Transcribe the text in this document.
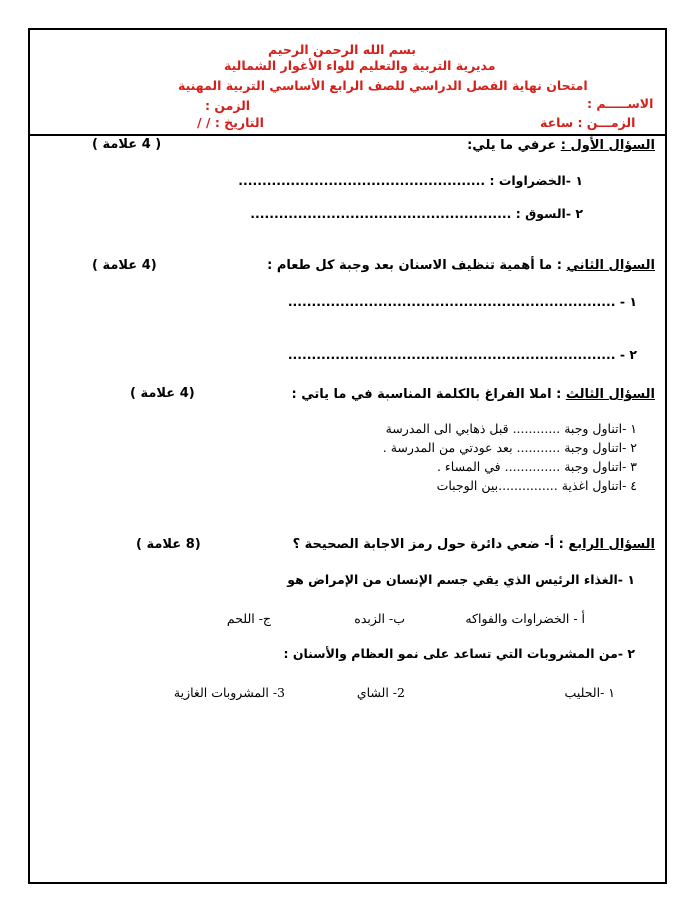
بسم الله الرحمن الرحيم
مديرية التربية والتعليم للواء الأغوار الشمالية
امتحان نهاية الفصل الدراسي للصف الرابع الأساسي التربية المهنية
الاســـــم :
الزمن :
الزمـــن : ساعة
التاريخ : / /
السؤال الأول : عرفي ما يلي:
( 4 علامة )
١ -الخضراوات : ....................................................
٢ -السوق : .......................................................
السؤال الثاني : ما أهمية تنظيف الاسنان بعد وجبة كل طعام :
(4 علامة )
١ - .....................................................................
٢ - .....................................................................
السؤال الثالث : املا الفراغ بالكلمة المناسبة في ما ياتي :
(4 علامة )
١ -اتناول وجبة ............ قبل ذهابي الى المدرسة
٢ -اتناول وجبة ........... بعد عودتي من المدرسة .
٣ -اتناول وجبة .............. في المساء .
٤ -اتناول اغذية ...............بين الوجبات
السؤال الرابع : أ- ضعي دائرة حول رمز الاجابة الصحيحة ؟
(8 علامة )
١ -الغذاء الرئيس الذي يقي جسم الإنسان من الإمراض هو
أ - الخضراوات والفواكه
ب- الزبده
ج- اللحم
٢ -من المشروبات التي تساعد على نمو العظام والأسنان :
١ -الحليب
2- الشاي
3- المشروبات الغازية
